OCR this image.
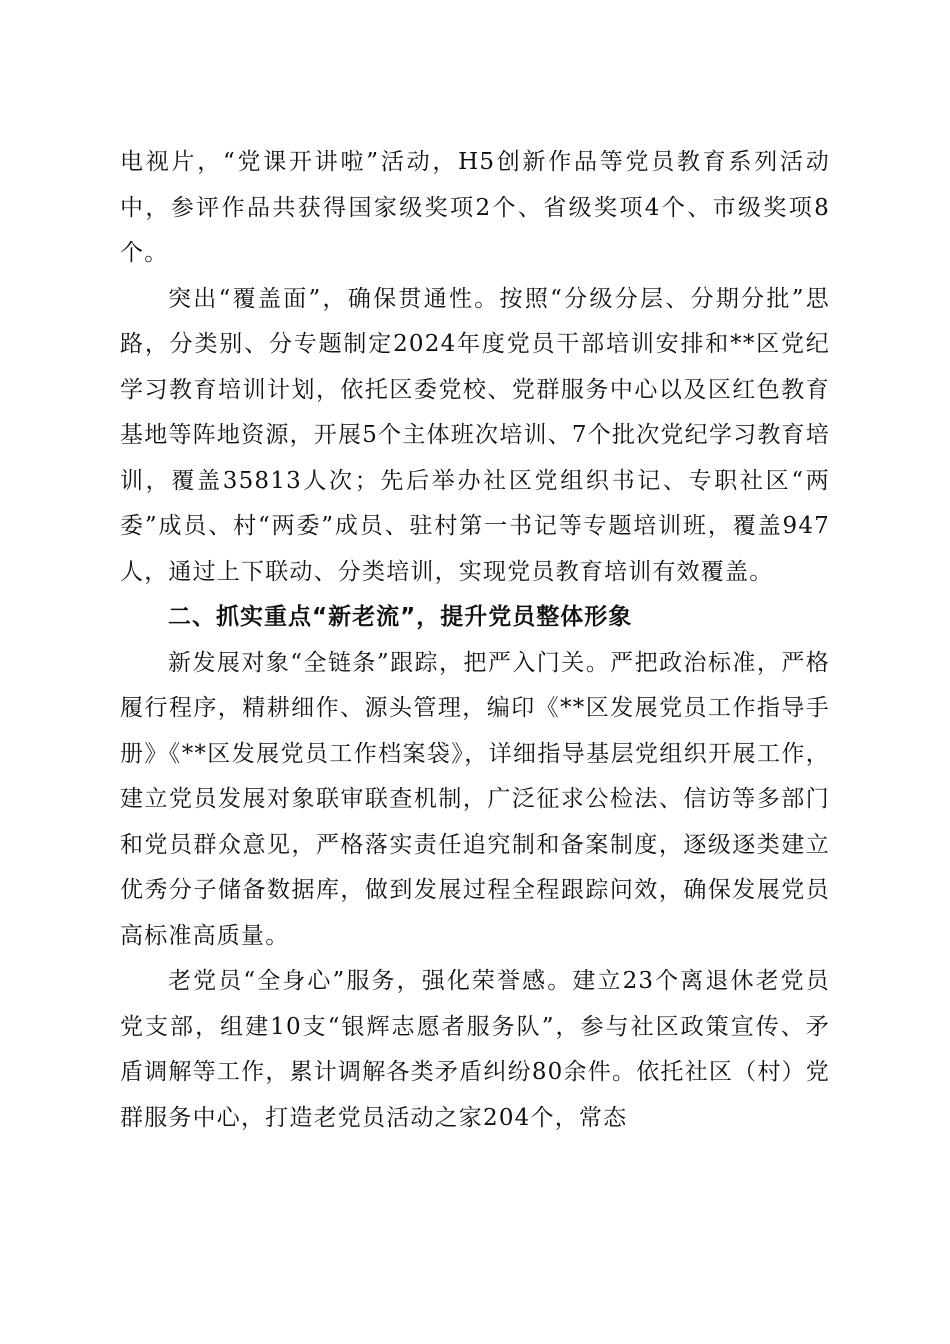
电视片，“党课开讲啦”活动，H5创新作品等党员教育系列活动中，参评作品共获得国家级奖项2个、省级奖项4个、市级奖项8个。

突出“覆盖面”，确保贯通性。按照“分级分层、分期分批”思路，分类别、分专题制定2024年度党员干部培训安排和**区党纪学习教育培训计划，依托区委党校、党群服务中心以及区红色教育基地等阵地资源，开展5个主体班次培训、7个批次党纪学习教育培训，覆盖35813人次；先后举办社区党组织书记、专职社区“两委”成员、村“两委”成员、驻村第一书记等专题培训班，覆盖947人，通过上下联动、分类培训，实现党员教育培训有效覆盖。

二、抓实重点“新老流”，提升党员整体形象

新发展对象“全链条”跟踪，把严入门关。严把政治标准，严格履行程序，精耕细作、源头管理，编印《**区发展党员工作指导手册》《**区发展党员工作档案袋》，详细指导基层党组织开展工作，建立党员发展对象联审联查机制，广泛征求公检法、信访等多部门和党员群众意见，严格落实责任追究制和备案制度，逐级逐类建立优秀分子储备数据库，做到发展过程全程跟踪问效，确保发展党员高标准高质量。

老党员“全身心”服务，强化荣誉感。建立23个离退休老党员党支部，组建10支“银辉志愿者服务队”，参与社区政策宣传、矛盾调解等工作，累计调解各类矛盾纠纷80余件。依托社区（村）党群服务中心，打造老党员活动之家204个，常态
